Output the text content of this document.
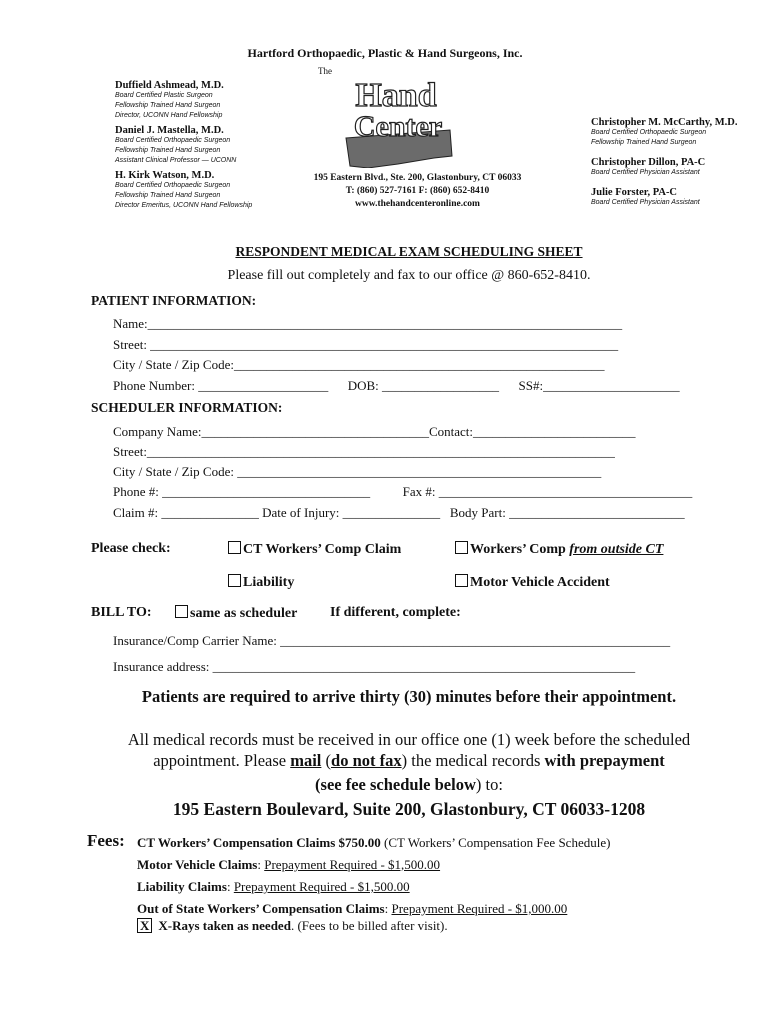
Hartford Orthopaedic, Plastic & Hand Surgeons, Inc.
Duffield Ashmead, M.D.
Board Certified Plastic Surgeon
Fellowship Trained Hand Surgeon
Director, UCONN Hand Fellowship
Daniel J. Mastella, M.D.
Board Certified Orthopaedic Surgeon
Fellowship Trained Hand Surgeon
Assistant Clinical Professor — UCONN
H. Kirk Watson, M.D.
Board Certified Orthopaedic Surgeon
Fellowship Trained Hand Surgeon
Director Emeritus, UCONN Hand Fellowship
The
Hand
Center
195 Eastern Blvd., Ste. 200, Glastonbury, CT 06033
T: (860) 527-7161 F: (860) 652-8410
www.thehandcenteronline.com
Christopher M. McCarthy, M.D.
Board Certified Orthopaedic Surgeon
Fellowship Trained Hand Surgeon
Christopher Dillon, PA-C
Board Certified Physician Assistant
Julie Forster, PA-C
Board Certified Physician Assistant
RESPONDENT MEDICAL EXAM SCHEDULING SHEET
Please fill out completely and fax to our office @ 860-652-8410.
PATIENT INFORMATION:
Name:_________________________________________________________________________
Street: ________________________________________________________________________
City / State / Zip Code:_________________________________________________________
Phone Number: ____________________      DOB: __________________      SS#:_____________________
SCHEDULER INFORMATION:
Company Name:___________________________________Contact:_________________________
Street:________________________________________________________________________
City / State / Zip Code: ________________________________________________________
Phone #: ________________________________          Fax #: _______________________________________
Claim #: _______________ Date of Injury: _______________   Body Part: ___________________________
Please check:	CT Workers’ Comp Claim	Workers’ Comp from outside CT
Liability	Motor Vehicle Accident
BILL TO:	same as scheduler If different, complete:
Insurance/Comp Carrier Name: ____________________________________________________________
Insurance address: _________________________________________________________________
Patients are required to arrive thirty (30) minutes before their appointment.
All medical records must be received in our office one (1) week before the scheduled
appointment. Please mail (do not fax) the medical records with prepayment
(see fee schedule below) to:
195 Eastern Boulevard, Suite 200, Glastonbury, CT 06033-1208
Fees: CT Workers’ Compensation Claims $750.00 (CT Workers’ Compensation Fee Schedule)
Motor Vehicle Claims: Prepayment Required - $1,500.00
Liability Claims: Prepayment Required - $1,500.00
Out of State Workers’ Compensation Claims: Prepayment Required - $1,000.00
X X-Rays taken as needed. (Fees to be billed after visit).
